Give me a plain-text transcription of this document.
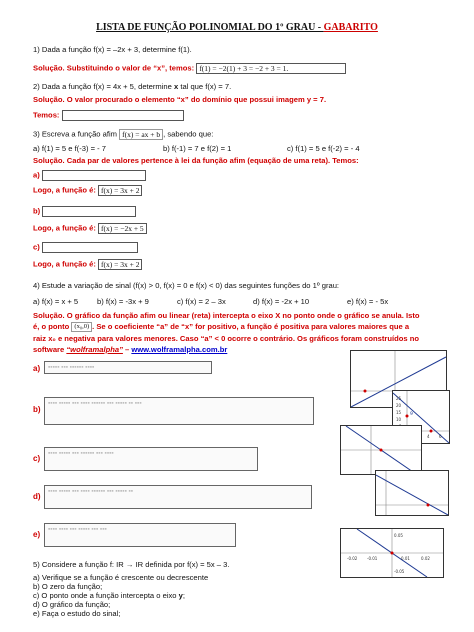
LISTA DE FUNÇÃO POLINOMIAL DO 1º GRAU - GABARITO
1) Dada a função f(x) = –2x + 3, determine f(1).
Solução. Substituindo o valor de “x”, temos: f(1) = −2(1) + 3 = −2 + 3 = 1.
2) Dada a função f(x) = 4x + 5, determine x tal que f(x) = 7.
Solução. O valor procurado o elemento “x” do domínio que possui imagem y = 7.
Temos:
3) Escreva a função afim f(x) = ax + b , sabendo que:
a) f(1) = 5 e f(-3) = - 7	b) f(-1) = 7 e f(2) = 1	c) f(1) = 5 e f(-2) = - 4
Solução. Cada par de valores pertence à lei da função afim (equação de uma reta). Temos:
a)
Logo, a função é: f(x) = 3x + 2
b)
Logo, a função é: f(x) = −2x + 5
c)
Logo, a função é: f(x) = 3x + 2
4) Estude a variação de sinal (f(x) > 0, f(x) = 0 e f(x) < 0) das seguintes funções do 1º grau:
a) f(x) = x + 5 b) f(x) = -3x + 9	c) f(x) = 2 – 3x	d) f(x) = -2x + 10	e) f(x) = - 5x
Solução. O gráfico da função afim ou linear (reta) intercepta o eixo X no ponto onde o gráfico se anula. Isto
é, o ponto (x₀,0) . Se o coeficiente “a” de “x” for positivo, a função é positiva para valores maiores que a
raiz x₀ e negativa para valores menores. Caso “a” < 0 ocorre o contrário. Os gráficos foram construídos no
software “wolframalpha” – www.wolframalpha.com.br
a)	▪▪▪▪▪ ▪▪▪ ▪▪▪▪▪▪ ▪▪▪▪
b)
▪▪▪▪ ▪▪▪▪▪ ▪▪▪ ▪▪▪▪ ▪▪▪▪▪▪ ▪▪▪ ▪▪▪▪▪ ▪▪ ▪▪▪
c)
▪▪▪▪ ▪▪▪▪▪ ▪▪▪ ▪▪▪▪▪▪ ▪▪▪ ▪▪▪▪
d)
▪▪▪▪ ▪▪▪▪▪ ▪▪▪ ▪▪▪▪ ▪▪▪▪▪▪ ▪▪▪ ▪▪▪▪▪ ▪▪
e)
▪▪▪▪ ▪▪▪▪ ▪▪▪ ▪▪▪▪▪ ▪▪▪ ▪▪▪
25
20
15
10
4 6
9
-0.02 -0.01	0.01	0.02
0.05
-0.05
5) Considere a função f: IR → IR definida por f(x) = 5x – 3.
a) Verifique se a função é crescente ou decrescente
b) O zero da função;
c) O ponto onde a função intercepta o eixo y;
d) O gráfico da função;
e) Faça o estudo do sinal;
